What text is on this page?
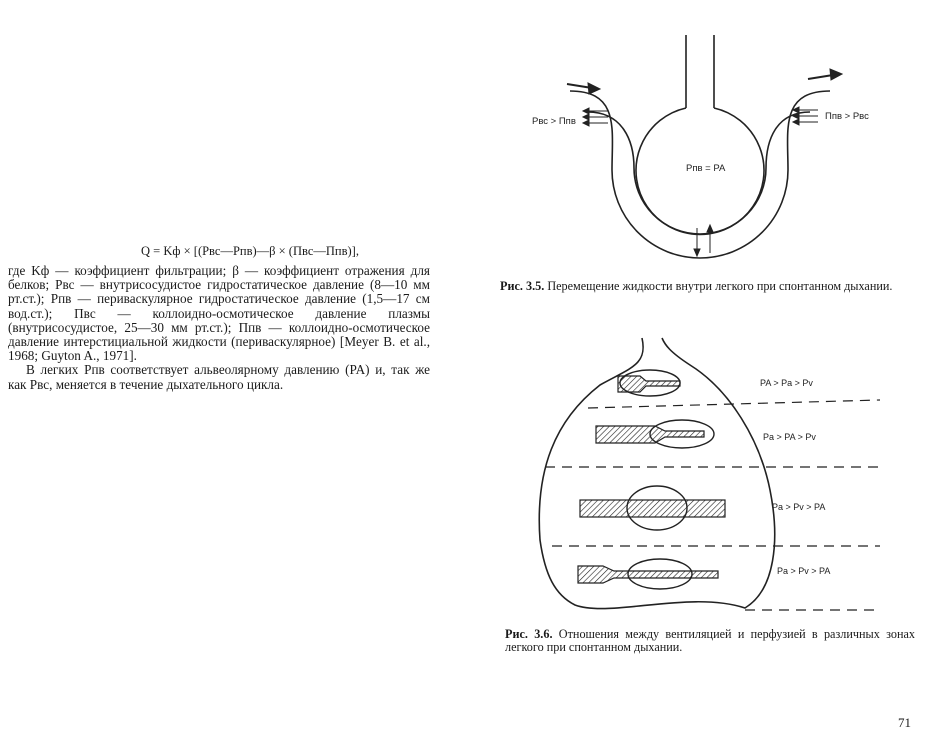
Q = Kф × [(Рвс—Рпв)—β × (Пвс—Ппв)],

где Kф — коэффициент фильтрации; β — коэффициент отражения для белков; Рвс — внутрисосудистое гидростатическое давление (8—10 мм рт.ст.); Рпв — периваскулярное гидростатическое давление (1,5—17 см вод.ст.); Пвс — коллоидно-осмотическое давление плазмы (внутрисосудистое, 25—30 мм рт.ст.); Ппв — коллоидно-осмотическое давление интерстициальной жидкости (периваскулярное) [Meyer B. et al., 1968; Guyton A., 1971].

В легких Рпв соответствует альвеолярному давлению (PA) и, так же как Рвс, меняется в течение дыхательного цикла.

Pвс > Ппв	Ппв > Pвс
Pпв = PA
Рис. 3.5. Перемещение жидкости внутри легкого при спонтанном дыхании.
PA > Pa > Pv
Pa > PA > Pv
Pa > Pv > PA
Pa > Pv > PA
Рис. 3.6. Отношения между вентиляцией и перфузией в различных зонах легкого при спонтанном дыхании.
71
